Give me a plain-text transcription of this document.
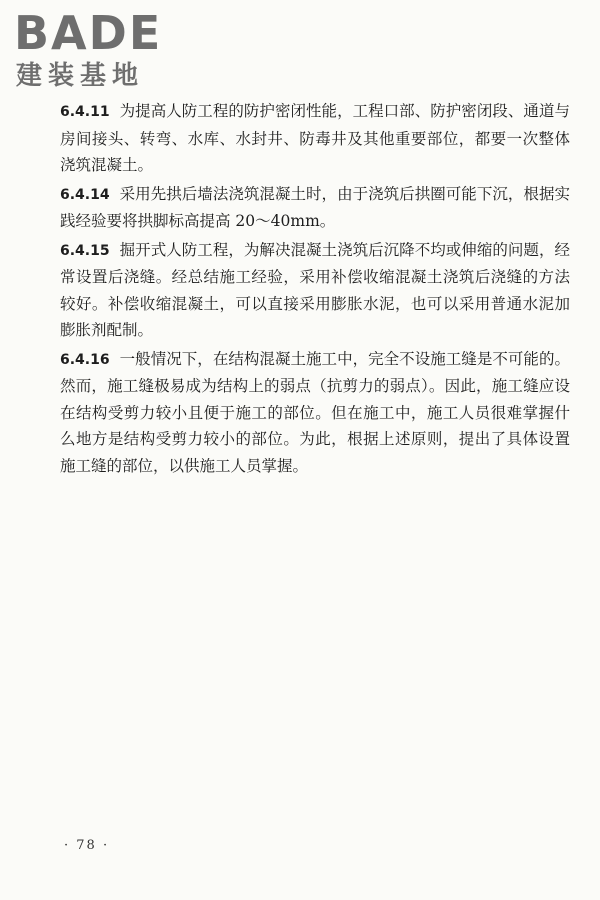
BADE
建装基地

6.4.11 为提高人防工程的防护密闭性能，工程口部、防护密闭段、通道与房间接头、转弯、水库、水封井、防毒井及其他重要部位，都要一次整体浇筑混凝土。

6.4.14 采用先拱后墙法浇筑混凝土时，由于浇筑后拱圈可能下沉，根据实践经验要将拱脚标高提高 20～40mm。

6.4.15 掘开式人防工程，为解决混凝土浇筑后沉降不均或伸缩的问题，经常设置后浇缝。经总结施工经验，采用补偿收缩混凝土浇筑后浇缝的方法较好。补偿收缩混凝土，可以直接采用膨胀水泥，也可以采用普通水泥加膨胀剂配制。

6.4.16 一般情况下，在结构混凝土施工中，完全不设施工缝是不可能的。然而，施工缝极易成为结构上的弱点（抗剪力的弱点）。因此，施工缝应设在结构受剪力较小且便于施工的部位。但在施工中，施工人员很难掌握什么地方是结构受剪力较小的部位。为此，根据上述原则，提出了具体设置施工缝的部位，以供施工人员掌握。

· 78 ·
